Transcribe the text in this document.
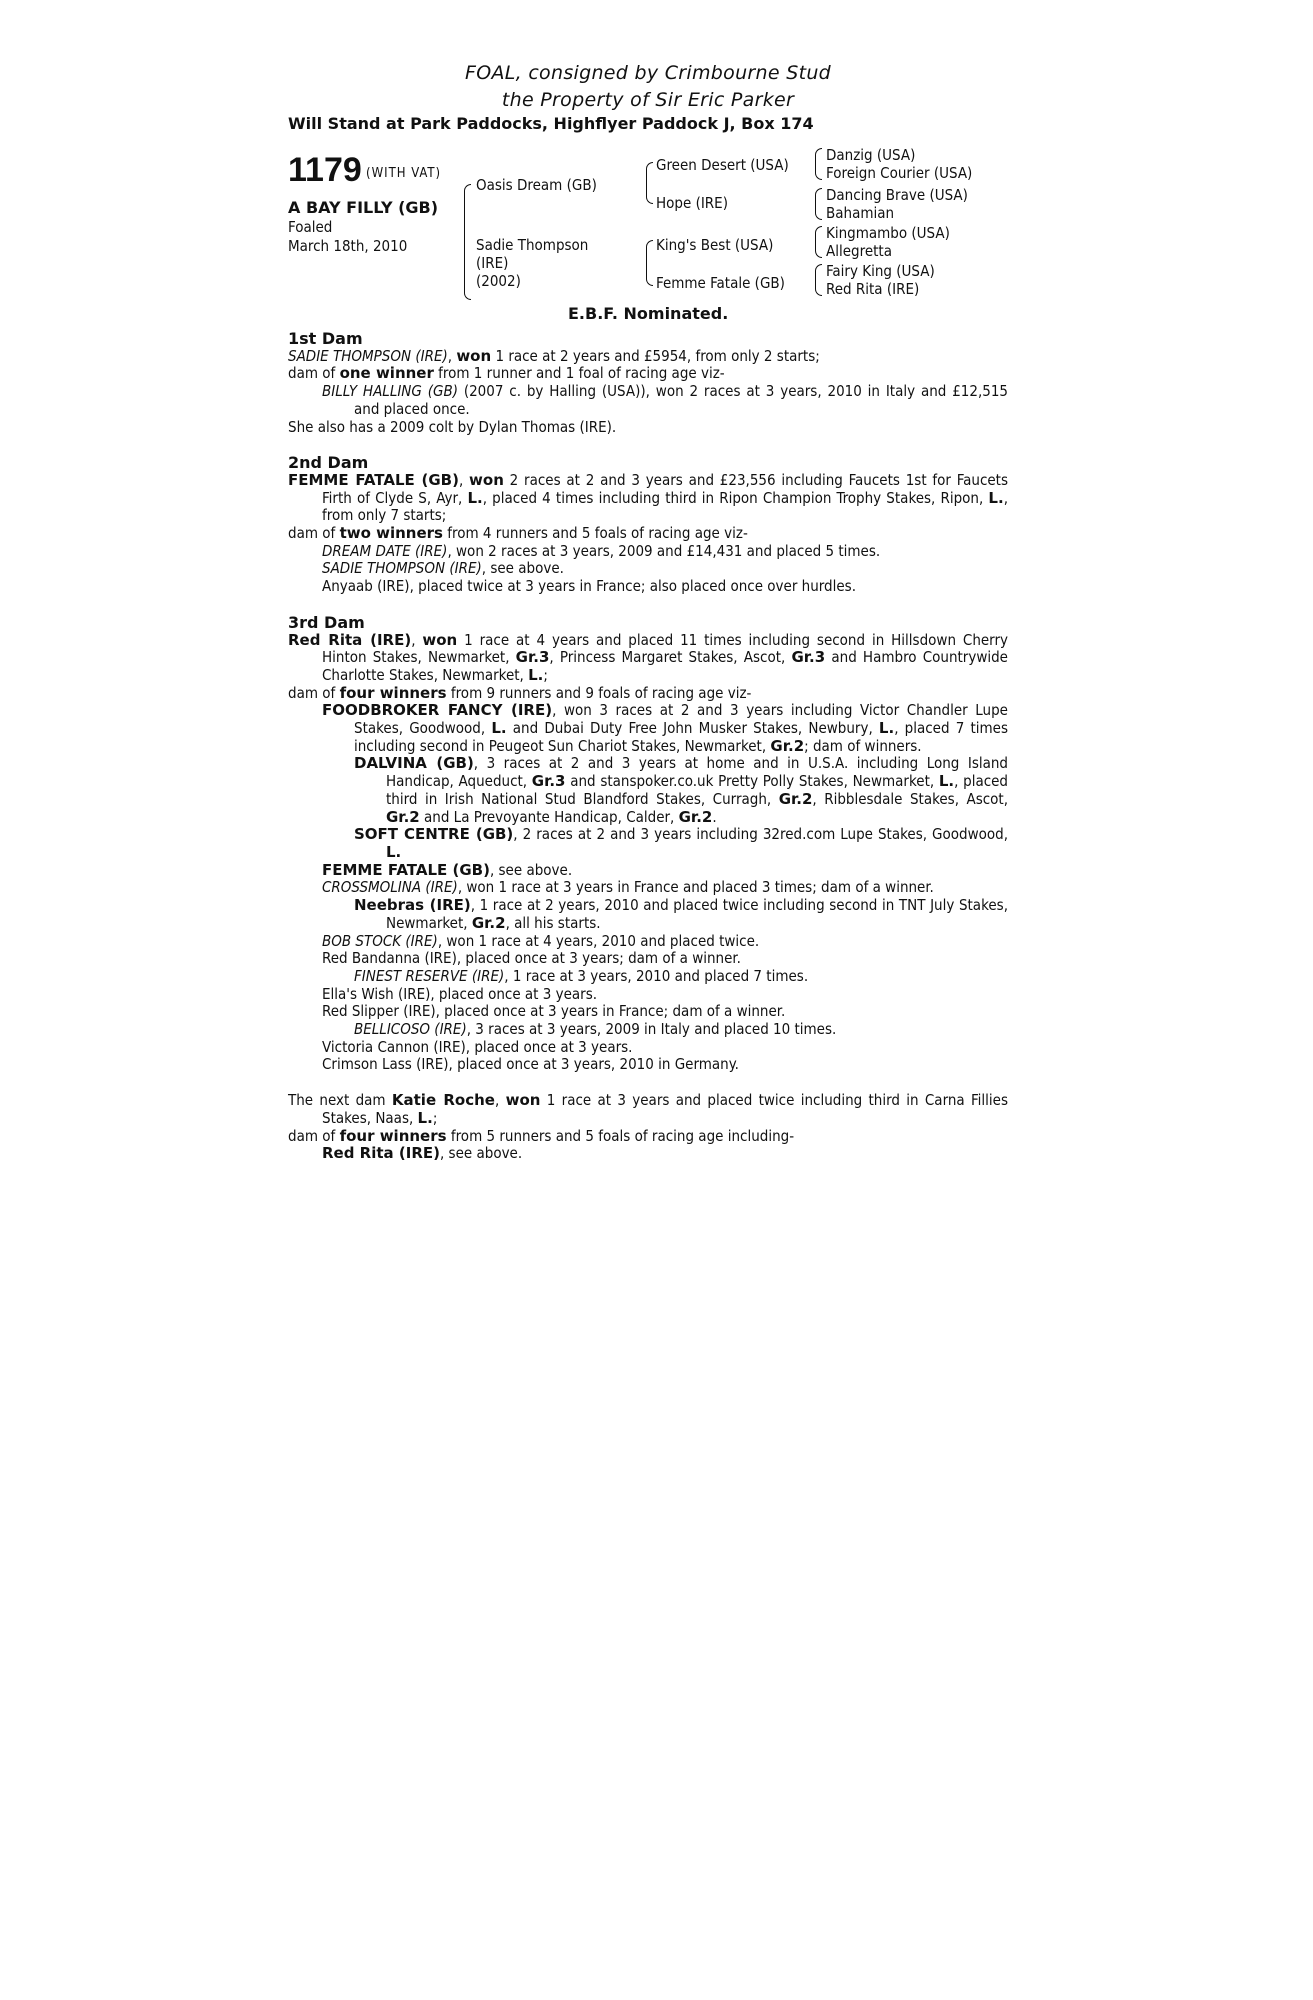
FOAL, consigned by Crimbourne Stud
the Property of Sir Eric Parker
Will Stand at Park Paddocks, Highflyer Paddock J, Box 174
1179 (WITH VAT)
A BAY FILLY (GB)
Foaled
March 18th, 2010
Oasis Dream (GB)
Sadie Thompson
(IRE)
(2002)
Green Desert (USA)
Hope (IRE)
King's Best (USA)
Femme Fatale (GB)
Danzig (USA)
Foreign Courier (USA)
Dancing Brave (USA)
Bahamian
Kingmambo (USA)
Allegretta
Fairy King (USA)
Red Rita (IRE)
E.B.F. Nominated.

1st Dam

SADIE THOMPSON (IRE), won 1 race at 2 years and £5954, from only 2 starts;

dam of one winner from 1 runner and 1 foal of racing age viz-

BILLY HALLING (GB) (2007 c. by Halling (USA)), won 2 races at 3 years, 2010 in Italy and £12,515 and placed once.

She also has a 2009 colt by Dylan Thomas (IRE).

2nd Dam

FEMME FATALE (GB), won 2 races at 2 and 3 years and £23,556 including Faucets 1st for Faucets Firth of Clyde S, Ayr, L., placed 4 times including third in Ripon Champion Trophy Stakes, Ripon, L., from only 7 starts;

dam of two winners from 4 runners and 5 foals of racing age viz-

DREAM DATE (IRE), won 2 races at 3 years, 2009 and £14,431 and placed 5 times.

SADIE THOMPSON (IRE), see above.

Anyaab (IRE), placed twice at 3 years in France; also placed once over hurdles.

3rd Dam

Red Rita (IRE), won 1 race at 4 years and placed 11 times including second in Hillsdown Cherry Hinton Stakes, Newmarket, Gr.3, Princess Margaret Stakes, Ascot, Gr.3 and Hambro Countrywide Charlotte Stakes, Newmarket, L.;

dam of four winners from 9 runners and 9 foals of racing age viz-

FOODBROKER FANCY (IRE), won 3 races at 2 and 3 years including Victor Chandler Lupe Stakes, Goodwood, L. and Dubai Duty Free John Musker Stakes, Newbury, L., placed 7 times including second in Peugeot Sun Chariot Stakes, Newmarket, Gr.2; dam of winners.

DALVINA (GB), 3 races at 2 and 3 years at home and in U.S.A. including Long Island Handicap, Aqueduct, Gr.3 and stanspoker.co.uk Pretty Polly Stakes, Newmarket, L., placed third in Irish National Stud Blandford Stakes, Curragh, Gr.2, Ribblesdale Stakes, Ascot, Gr.2 and La Prevoyante Handicap, Calder, Gr.2.

SOFT CENTRE (GB), 2 races at 2 and 3 years including 32red.com Lupe Stakes, Goodwood, L.

FEMME FATALE (GB), see above.

CROSSMOLINA (IRE), won 1 race at 3 years in France and placed 3 times; dam of a winner.

Neebras (IRE), 1 race at 2 years, 2010 and placed twice including second in TNT July Stakes, Newmarket, Gr.2, all his starts.

BOB STOCK (IRE), won 1 race at 4 years, 2010 and placed twice.

Red Bandanna (IRE), placed once at 3 years; dam of a winner.

FINEST RESERVE (IRE), 1 race at 3 years, 2010 and placed 7 times.

Ella's Wish (IRE), placed once at 3 years.

Red Slipper (IRE), placed once at 3 years in France; dam of a winner.

BELLICOSO (IRE), 3 races at 3 years, 2009 in Italy and placed 10 times.

Victoria Cannon (IRE), placed once at 3 years.

Crimson Lass (IRE), placed once at 3 years, 2010 in Germany.

The next dam Katie Roche, won 1 race at 3 years and placed twice including third in Carna Fillies Stakes, Naas, L.;

dam of four winners from 5 runners and 5 foals of racing age including-

Red Rita (IRE), see above.
